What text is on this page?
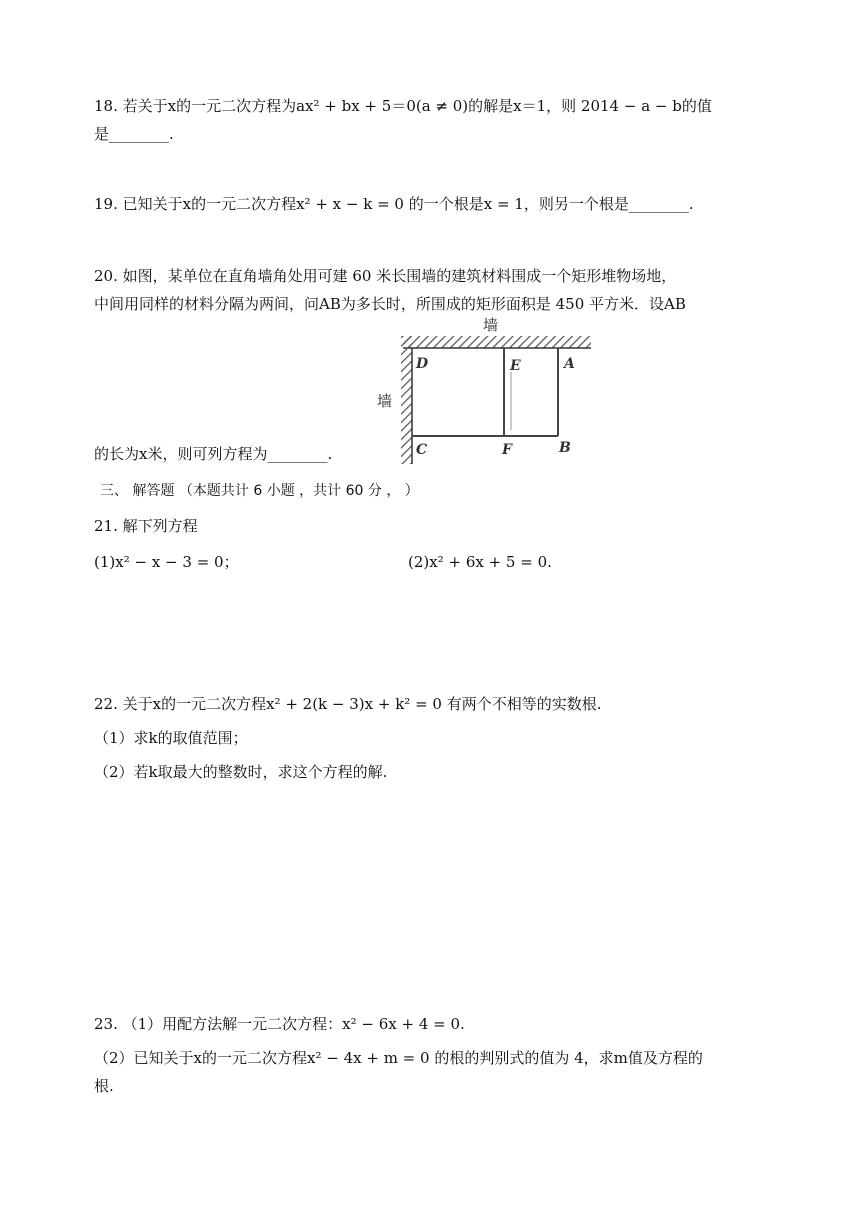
18. 若关于x的一元二次方程为ax² + bx + 5＝0(a ≠ 0)的解是x＝1，则 2014 − a − b的值
是________.
19. 已知关于x的一元二次方程x² + x − k = 0 的一个根是x = 1，则另一个根是________.
20. 如图，某单位在直角墙角处用可建 60 米长围墙的建筑材料围成一个矩形堆物场地，
中间用同样的材料分隔为两间，问AB为多长时，所围成的矩形面积是 450 平方米．设AB
的长为x米，则可列方程为________.
墙
墙
D	E	A
C	F	B
三、 解答题 （本题共计 6 小题 ，共计 60 分 ， ）
21. 解下列方程
(1)x² − x − 3 = 0；	(2)x² + 6x + 5 = 0.
22. 关于x的一元二次方程x² + 2(k − 3)x + k² = 0 有两个不相等的实数根.
（1）求k的取值范围；
（2）若k取最大的整数时，求这个方程的解.
23. （1）用配方法解一元二次方程：x² − 6x + 4 = 0.
（2）已知关于x的一元二次方程x² − 4x + m = 0 的根的判别式的值为 4，求m值及方程的
根.
